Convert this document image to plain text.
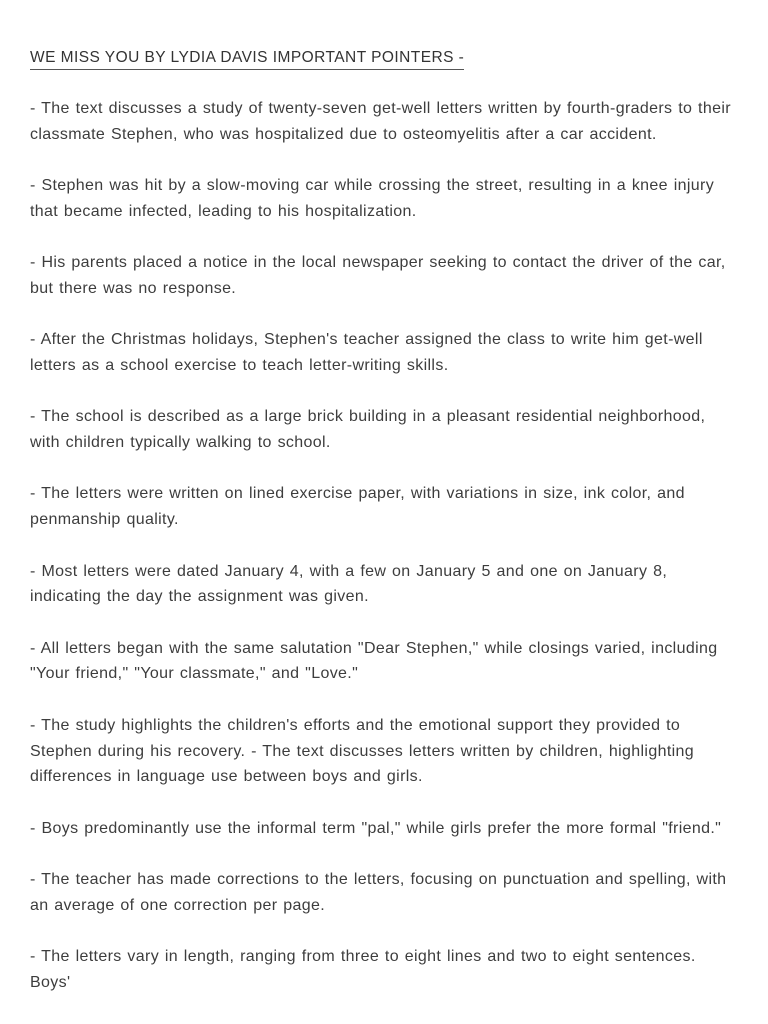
WE MISS YOU BY LYDIA DAVIS IMPORTANT POINTERS -
- The text discusses a study of twenty-seven get-well letters written by fourth-graders to their classmate Stephen, who was hospitalized due to osteomyelitis after a car accident.
- Stephen was hit by a slow-moving car while crossing the street, resulting in a knee injury that became infected, leading to his hospitalization.
- His parents placed a notice in the local newspaper seeking to contact the driver of the car, but there was no response.
- After the Christmas holidays, Stephen's teacher assigned the class to write him get-well letters as a school exercise to teach letter-writing skills.
- The school is described as a large brick building in a pleasant residential neighborhood, with children typically walking to school.
- The letters were written on lined exercise paper, with variations in size, ink color, and penmanship quality.
- Most letters were dated January 4, with a few on January 5 and one on January 8, indicating the day the assignment was given.
- All letters began with the same salutation "Dear Stephen," while closings varied, including "Your friend," "Your classmate," and "Love."
- The study highlights the children's efforts and the emotional support they provided to Stephen during his recovery. - The text discusses letters written by children, highlighting differences in language use between boys and girls.
- Boys predominantly use the informal term "pal," while girls prefer the more formal "friend."
- The teacher has made corrections to the letters, focusing on punctuation and spelling, with an average of one correction per page.
- The letters vary in length, ranging from three to eight lines and two to eight sentences. Boys'
